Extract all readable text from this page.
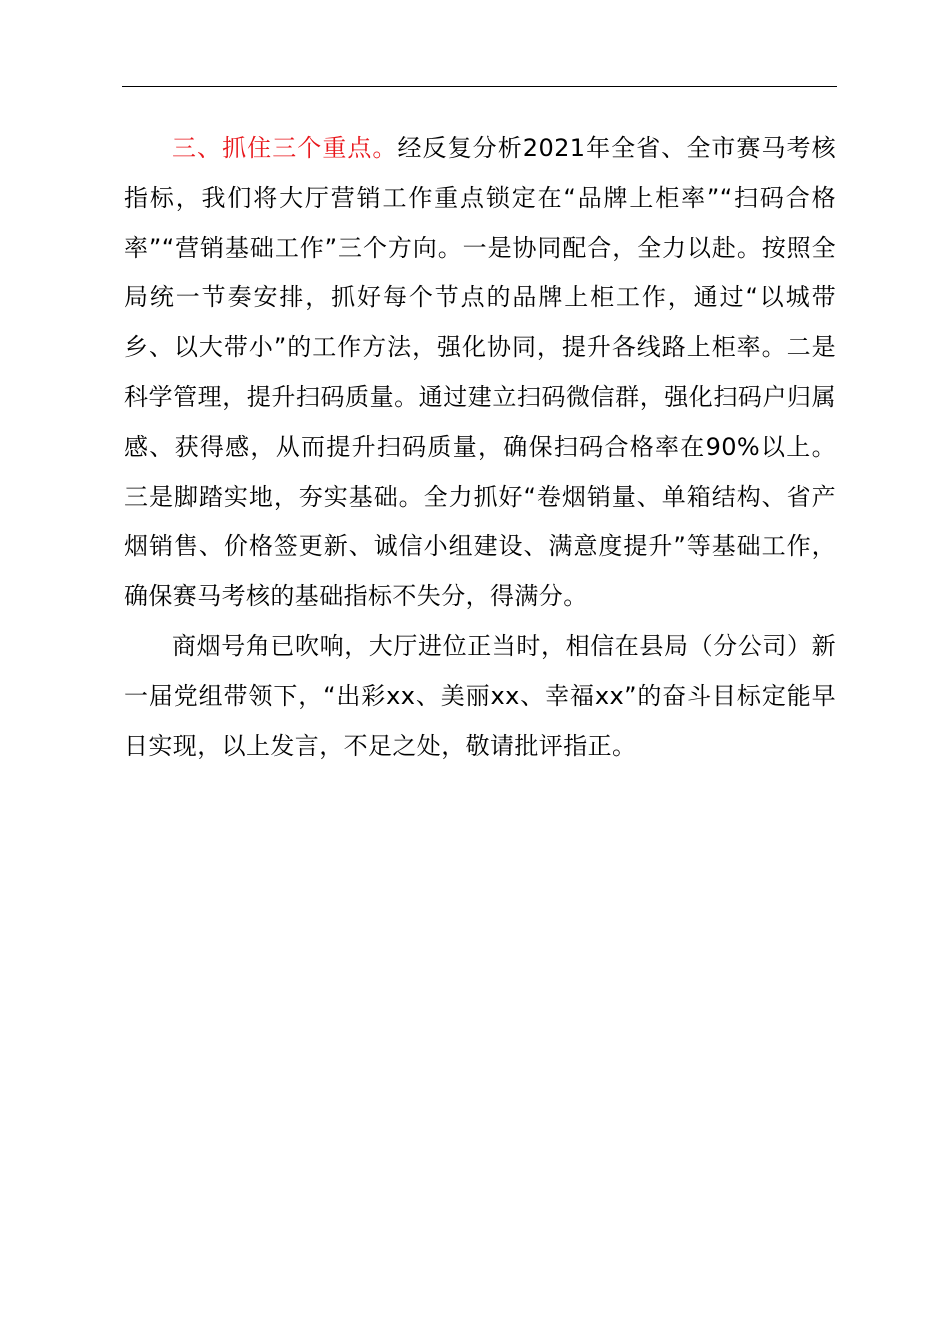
三、抓住三个重点。经反复分析2021年全省、全市赛马考核指标，我们将大厅营销工作重点锁定在“品牌上柜率”“扫码合格率”“营销基础工作”三个方向。一是协同配合，全力以赴。按照全局统一节奏安排，抓好每个节点的品牌上柜工作，通过“以城带乡、以大带小”的工作方法，强化协同，提升各线路上柜率。二是科学管理，提升扫码质量。通过建立扫码微信群，强化扫码户归属感、获得感，从而提升扫码质量，确保扫码合格率在90%以上。三是脚踏实地，夯实基础。全力抓好“卷烟销量、单箱结构、省产烟销售、价格签更新、诚信小组建设、满意度提升”等基础工作，确保赛马考核的基础指标不失分，得满分。

商烟号角已吹响，大厅进位正当时，相信在县局（分公司）新一届党组带领下，“出彩xx、美丽xx、幸福xx”的奋斗目标定能早日实现，以上发言，不足之处，敬请批评指正。
